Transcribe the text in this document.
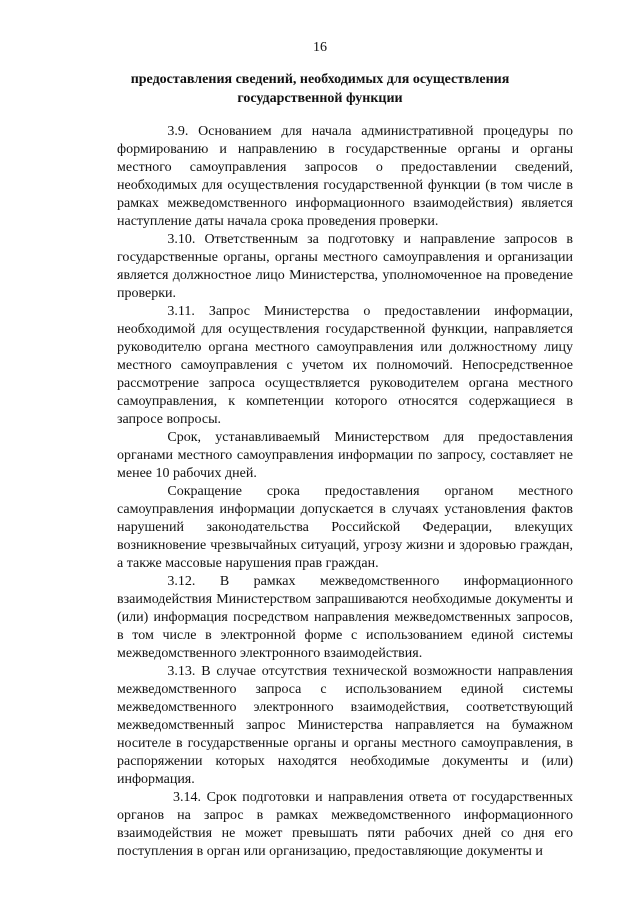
16
предоставления сведений, необходимых для осуществления
государственной функции

3.9. Основанием для начала административной процедуры по формированию и направлению в государственные органы и органы местного самоуправления запросов о предоставлении сведений, необходимых для осуществления государственной функции (в том числе в рамках межведомственного информационного взаимодействия) является наступление даты начала срока проведения проверки.

3.10. Ответственным за подготовку и направление запросов в государственные органы, органы местного самоуправления и организации является должностное лицо Министерства, уполномоченное на проведение проверки.

3.11. Запрос Министерства о предоставлении информации, необходимой для осуществления государственной функции, направляется руководителю органа местного самоуправления или должностному лицу местного самоуправления с учетом их полномочий. Непосредственное рассмотрение запроса осуществляется руководителем органа местного самоуправления, к компетенции которого относятся содержащиеся в запросе вопросы.

Срок, устанавливаемый Министерством для предоставления органами местного самоуправления информации по запросу, составляет не менее 10 рабочих дней.

Сокращение срока предоставления органом местного самоуправления информации допускается в случаях установления фактов нарушений законодательства Российской Федерации, влекущих возникновение чрезвычайных ситуаций, угрозу жизни и здоровью граждан, а также массовые нарушения прав граждан.

3.12. В рамках межведомственного информационного взаимодействия Министерством запрашиваются необходимые документы и (или) информация посредством направления межведомственных запросов, в том числе в электронной форме с использованием единой системы межведомственного электронного взаимодействия.

3.13. В случае отсутствия технической возможности направления межведомственного запроса с использованием единой системы межведомственного электронного взаимодействия, соответствующий межведомственный запрос Министерства направляется на бумажном носителе в государственные органы и органы местного самоуправления, в распоряжении которых находятся необходимые документы и (или) информация.

3.14. Срок подготовки и направления ответа от государственных органов на запрос в рамках межведомственного информационного взаимодействия не может превышать пяти рабочих дней со дня его поступления в орган или организацию, предоставляющие документы и
